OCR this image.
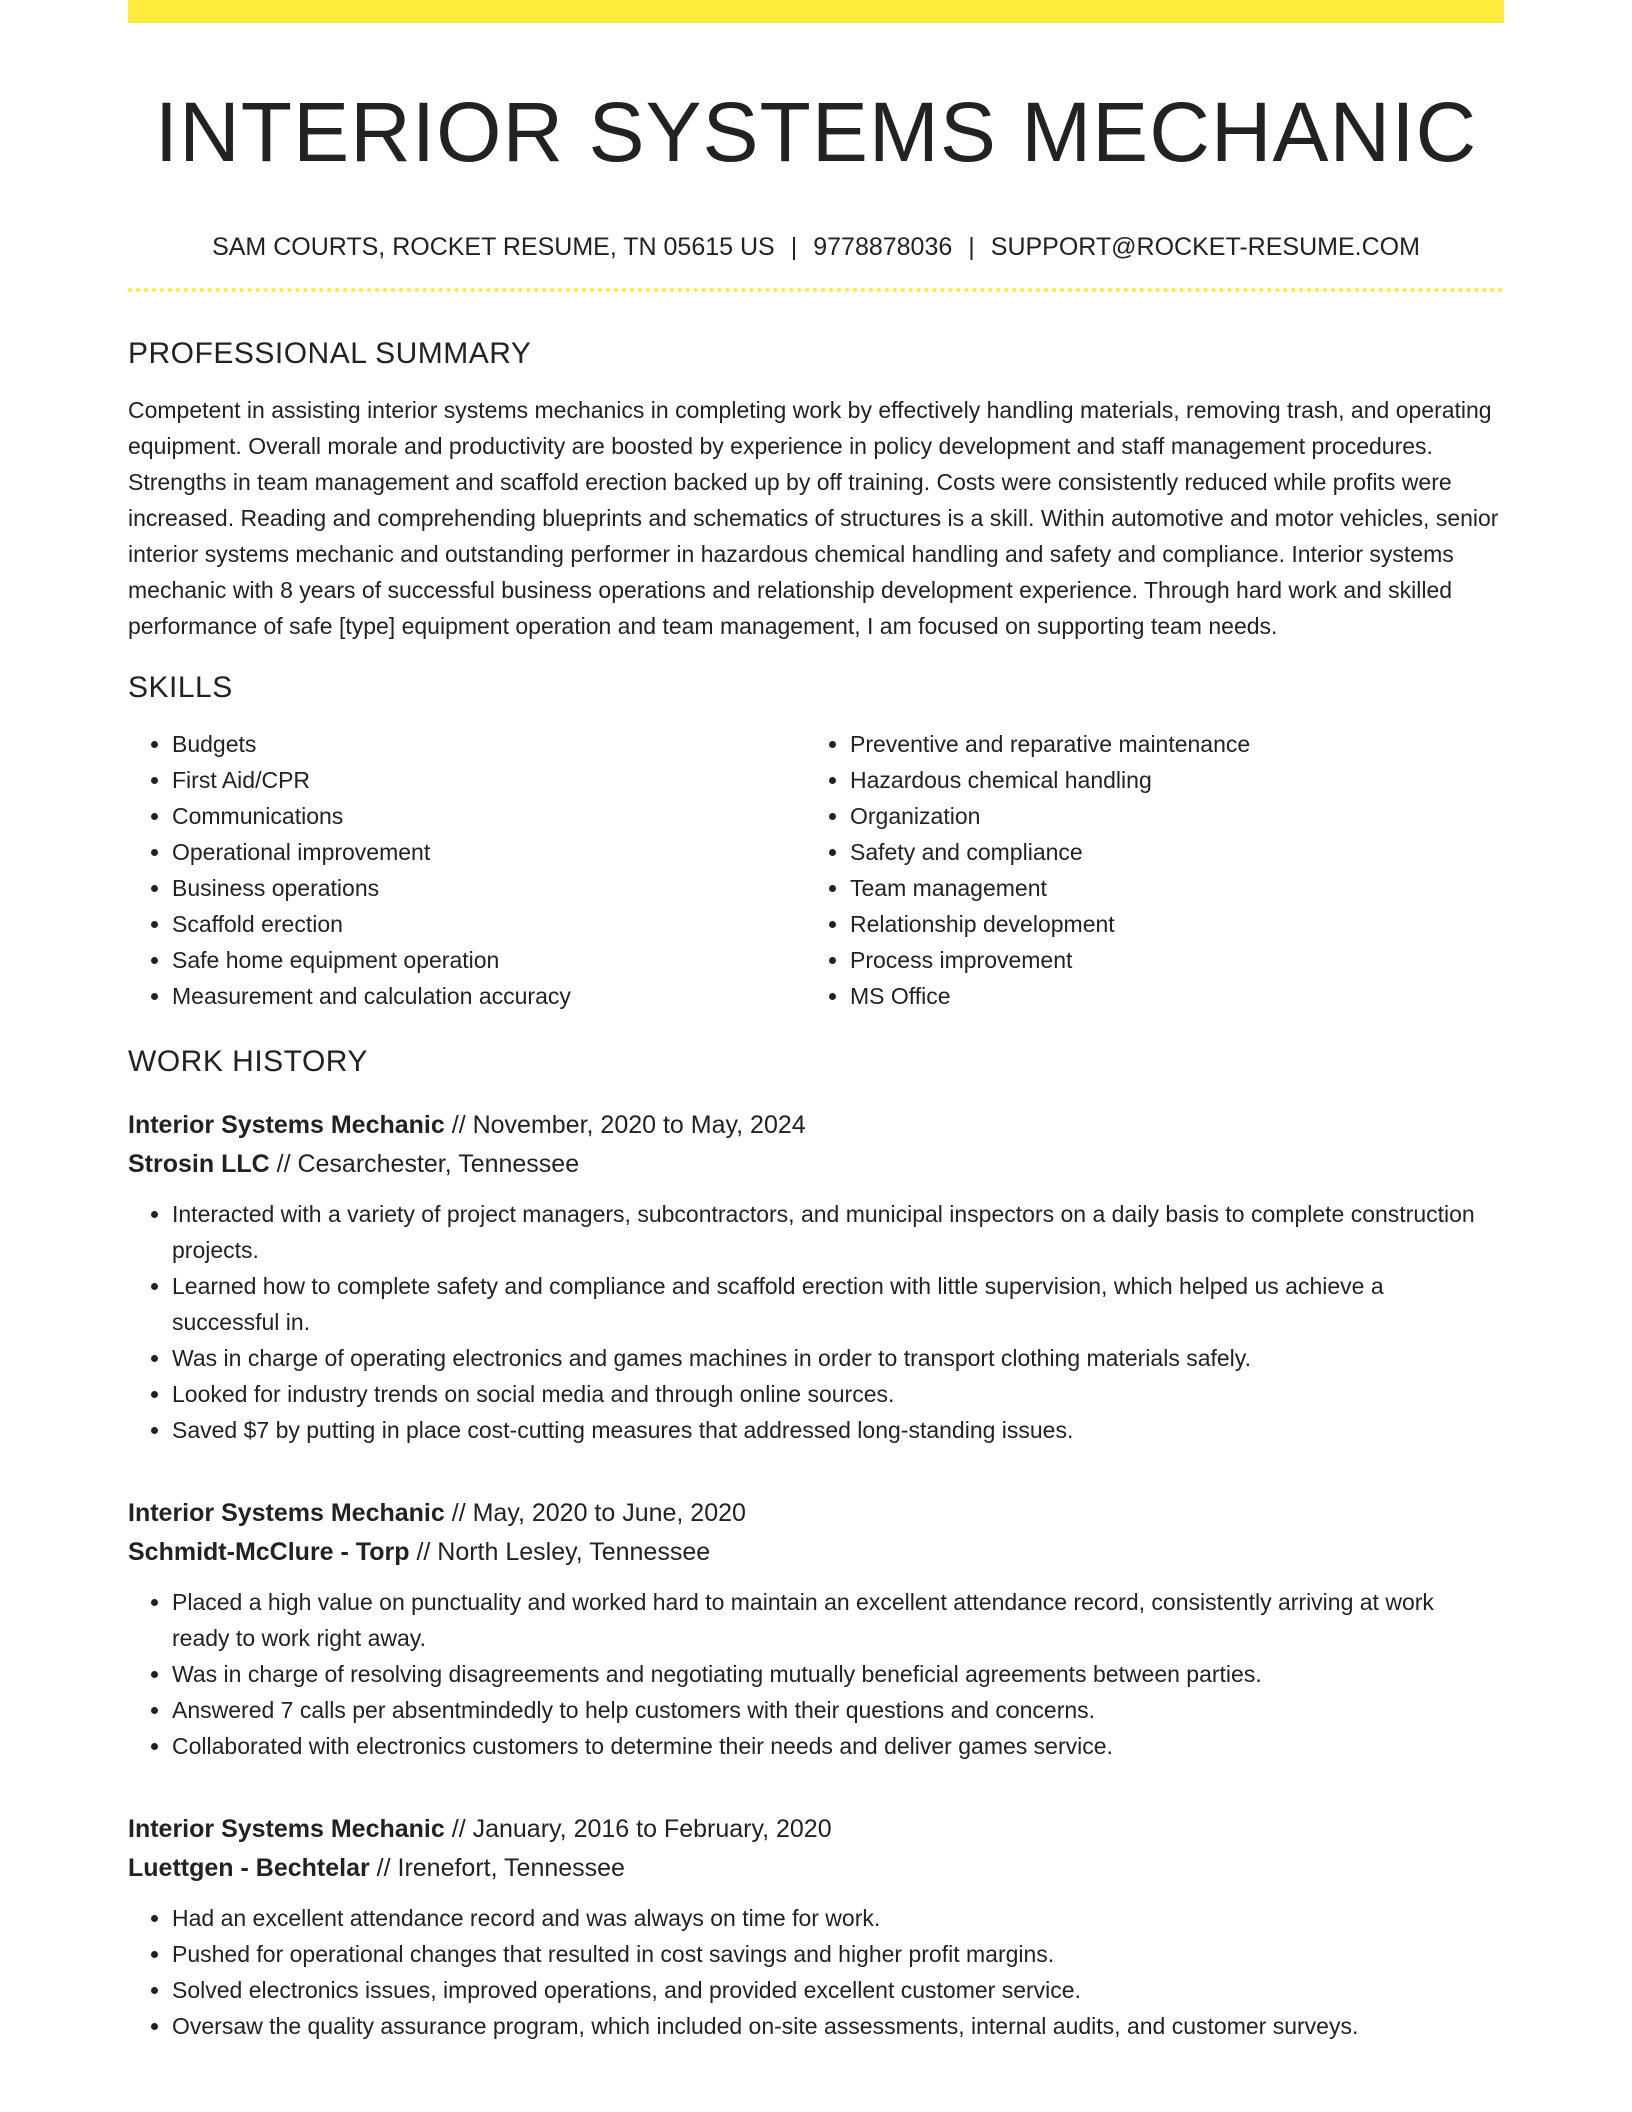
INTERIOR SYSTEMS MECHANIC
SAM COURTS, ROCKET RESUME, TN 05615 US | 9778878036 | SUPPORT@ROCKET-RESUME.COM
PROFESSIONAL SUMMARY
Competent in assisting interior systems mechanics in completing work by effectively handling materials, removing trash, and operating equipment. Overall morale and productivity are boosted by experience in policy development and staff management procedures. Strengths in team management and scaffold erection backed up by off training. Costs were consistently reduced while profits were increased. Reading and comprehending blueprints and schematics of structures is a skill. Within automotive and motor vehicles, senior interior systems mechanic and outstanding performer in hazardous chemical handling and safety and compliance. Interior systems mechanic with 8 years of successful business operations and relationship development experience. Through hard work and skilled performance of safe [type] equipment operation and team management, I am focused on supporting team needs.
SKILLS
• Budgets
• First Aid/CPR
• Communications
• Operational improvement
• Business operations
• Scaffold erection
• Safe home equipment operation
• Measurement and calculation accuracy
• Preventive and reparative maintenance
• Hazardous chemical handling
• Organization
• Safety and compliance
• Team management
• Relationship development
• Process improvement
• MS Office
WORK HISTORY
Interior Systems Mechanic // November, 2020 to May, 2024
Strosin LLC // Cesarchester, Tennessee
• Interacted with a variety of project managers, subcontractors, and municipal inspectors on a daily basis to complete construction projects.
• Learned how to complete safety and compliance and scaffold erection with little supervision, which helped us achieve a successful in.
• Was in charge of operating electronics and games machines in order to transport clothing materials safely.
• Looked for industry trends on social media and through online sources.
• Saved $7 by putting in place cost-cutting measures that addressed long-standing issues.
Interior Systems Mechanic // May, 2020 to June, 2020
Schmidt-McClure - Torp // North Lesley, Tennessee
• Placed a high value on punctuality and worked hard to maintain an excellent attendance record, consistently arriving at work ready to work right away.
• Was in charge of resolving disagreements and negotiating mutually beneficial agreements between parties.
• Answered 7 calls per absentmindedly to help customers with their questions and concerns.
• Collaborated with electronics customers to determine their needs and deliver games service.
Interior Systems Mechanic // January, 2016 to February, 2020
Luettgen - Bechtelar // Irenefort, Tennessee
• Had an excellent attendance record and was always on time for work.
• Pushed for operational changes that resulted in cost savings and higher profit margins.
• Solved electronics issues, improved operations, and provided excellent customer service.
• Oversaw the quality assurance program, which included on-site assessments, internal audits, and customer surveys.
